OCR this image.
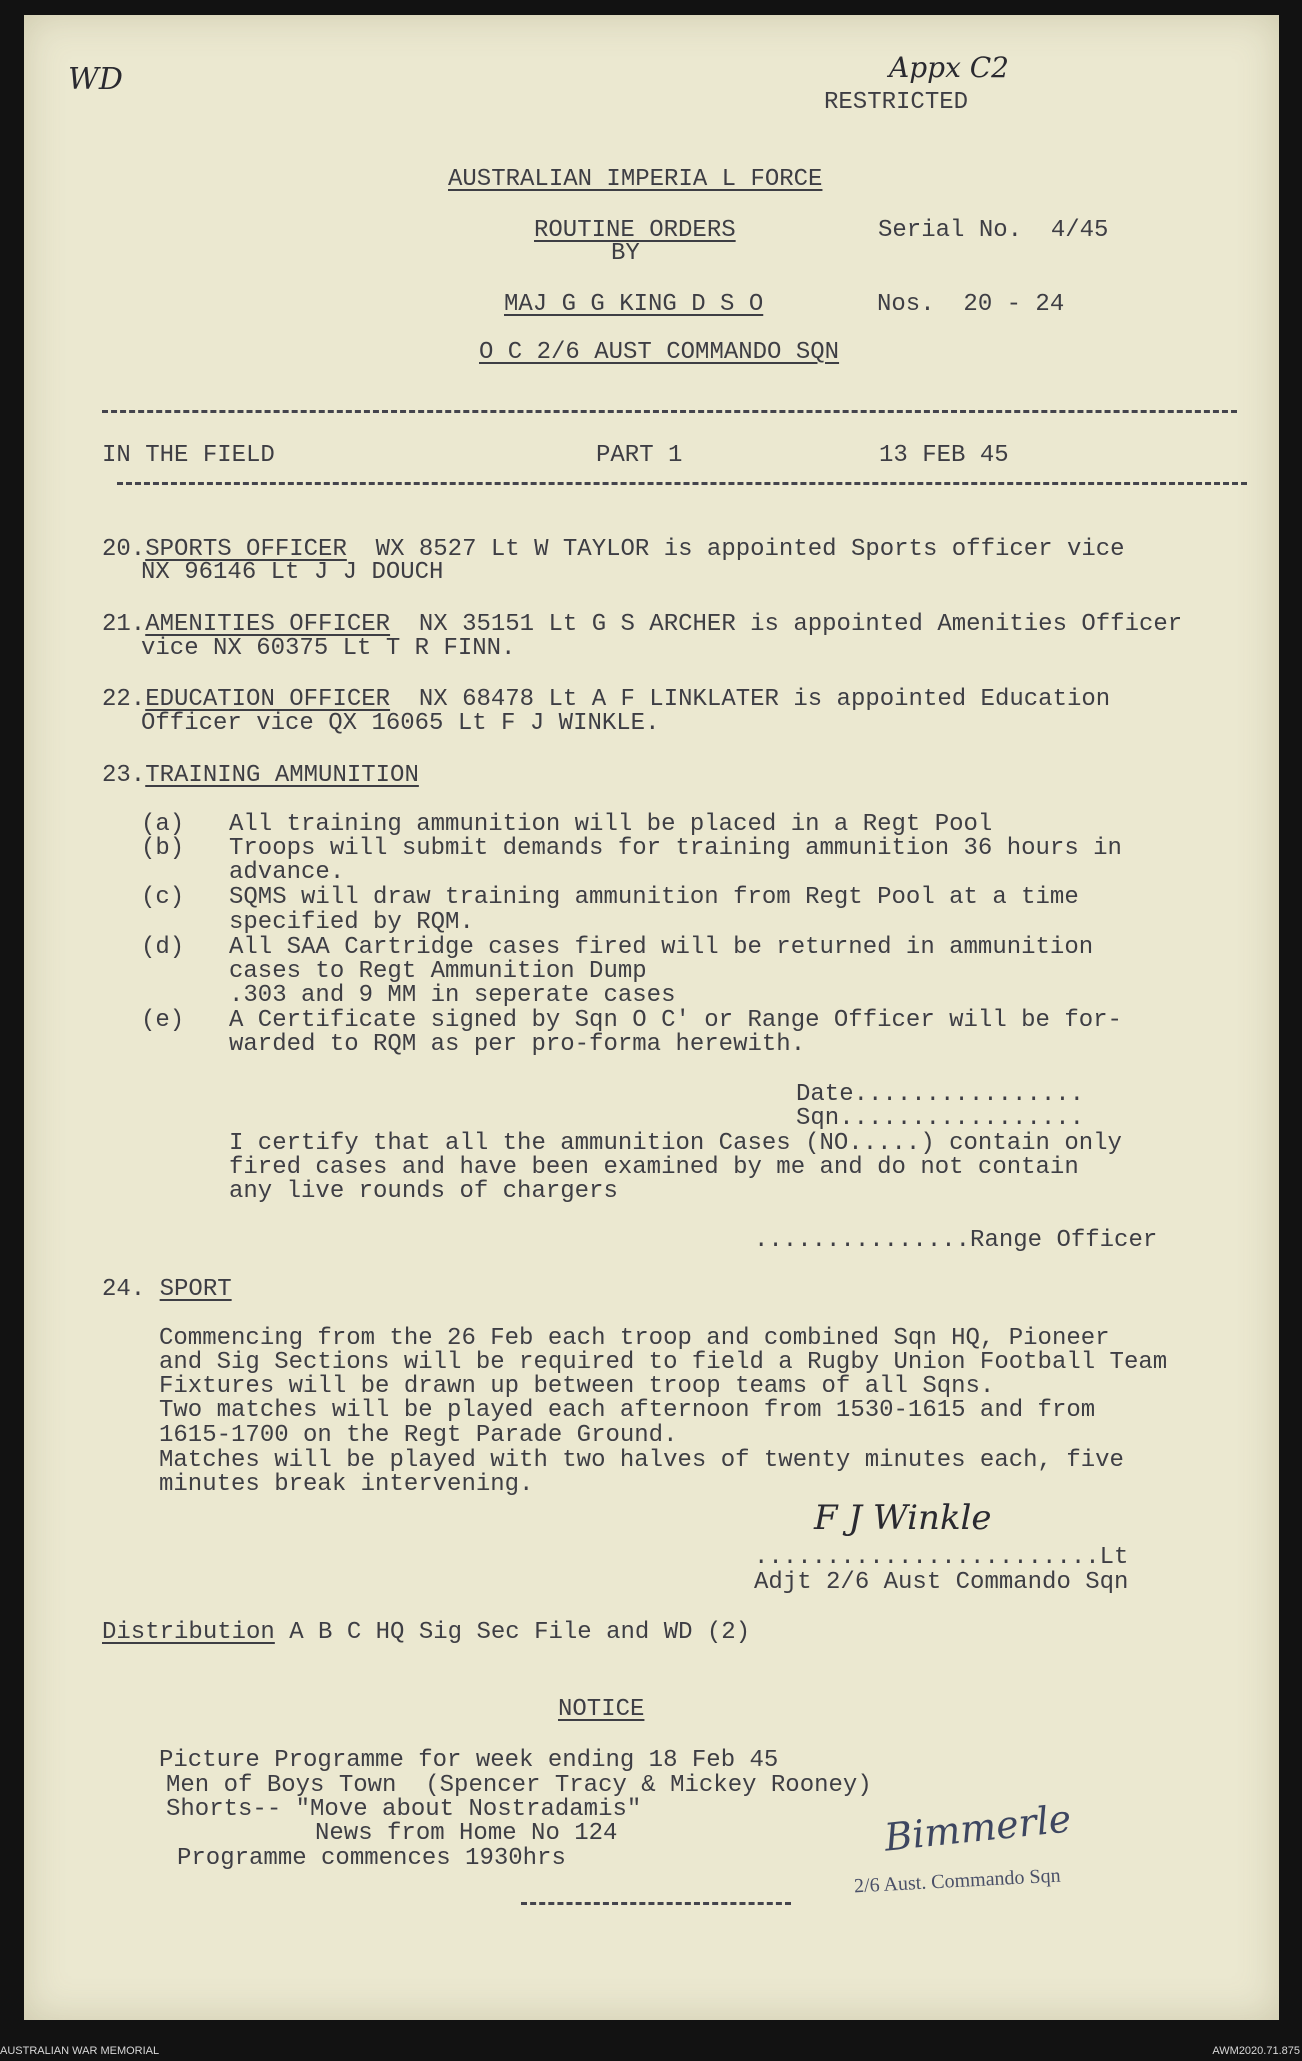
WD	Appx C2
RESTRICTED
AUSTRALIAN IMPERIA L FORCE
ROUTINE ORDERS
BY
Serial No.  4/45
MAJ G G KING D S O	Nos.  20 - 24
O C 2/6 AUST COMMANDO SQN
IN THE FIELD	PART 1	13 FEB 45
20.SPORTS OFFICER  WX 8527 Lt W TAYLOR is appointed Sports officer vice
NX 96146 Lt J J DOUCH
21.AMENITIES OFFICER  NX 35151 Lt G S ARCHER is appointed Amenities Officer
vice NX 60375 Lt T R FINN.
22.EDUCATION OFFICER  NX 68478 Lt A F LINKLATER is appointed Education
Officer vice QX 16065 Lt F J WINKLE.
23.TRAINING AMMUNITION
(a) All training ammunition will be placed in a Regt Pool
(b) Troops will submit demands for training ammunition 36 hours in
advance.
(c) SQMS will draw training ammunition from Regt Pool at a time
specified by RQM.
(d) All SAA Cartridge cases fired will be returned in ammunition
cases to Regt Ammunition Dump
.303 and 9 MM in seperate cases
(e) A Certificate signed by Sqn O C' or Range Officer will be for-
warded to RQM as per pro-forma herewith.
Date................
Sqn.................
I certify that all the ammunition Cases (NO.....) contain only
fired cases and have been examined by me and do not contain
any live rounds of chargers
...............Range Officer
24. SPORT
Commencing from the 26 Feb each troop and combined Sqn HQ, Pioneer
and Sig Sections will be required to field a Rugby Union Football Team
Fixtures will be drawn up between troop teams of all Sqns.
Two matches will be played each afternoon from 1530-1615 and from
1615-1700 on the Regt Parade Ground.
Matches will be played with two halves of twenty minutes each, five
minutes break intervening.
F J Winkle
........................Lt
Adjt 2/6 Aust Commando Sqn
Distribution A B C HQ Sig Sec File and WD (2)
NOTICE
Picture Programme for week ending 18 Feb 45
Men of Boys Town  (Spencer Tracy & Mickey Rooney)
Shorts-- "Move about Nostradamis"
News from Home No 124
Programme commences 1930hrs	Bimmerle
2/6 Aust. Commando Sqn
AUSTRALIAN WAR MEMORIAL	AWM2020.71.875
